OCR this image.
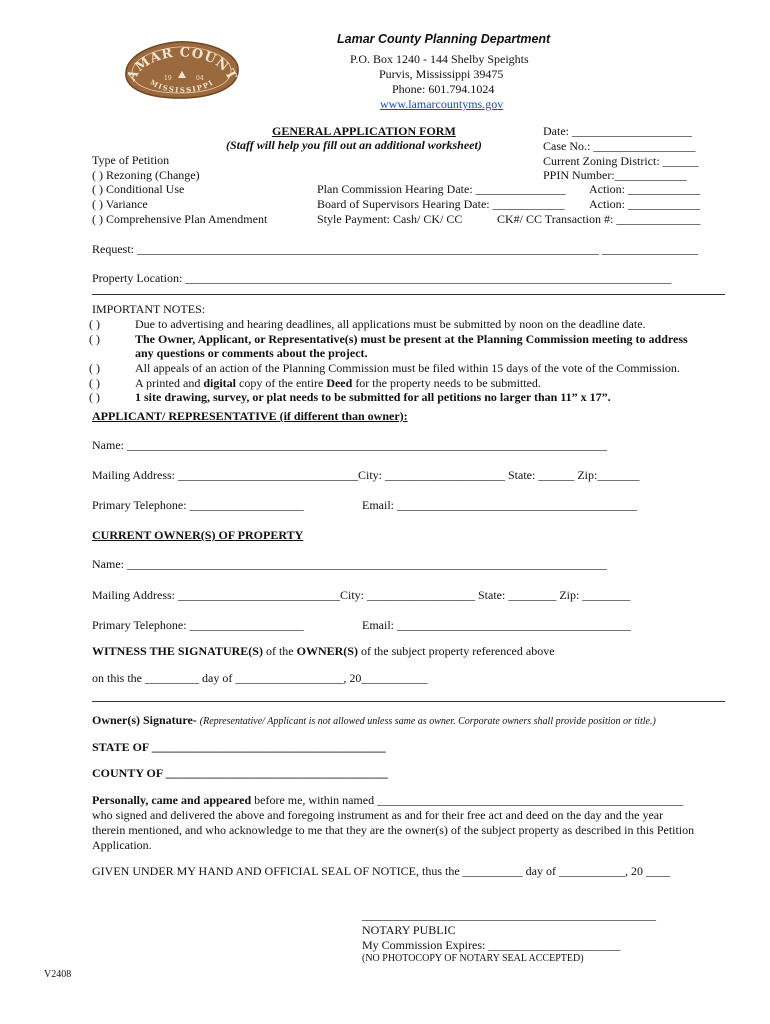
AMAR COUNT
19	04
MISSISSIPPI
Lamar County Planning Department
P.O. Box 1240 - 144 Shelby Speights
Purvis, Mississippi 39475
Phone: 601.794.1024
www.lamarcountyms.gov
GENERAL APPLICATION FORM
(Staff will help you fill out an additional worksheet)
Date: ____________________
Case No.: _________________
Current Zoning District: ______
PPIN Number:____________
Type of Petition
( ) Rezoning (Change)
( ) Conditional Use
( ) Variance
( ) Comprehensive Plan Amendment
Plan Commission Hearing Date: _______________ Action: ____________
Board of Supervisors Hearing Date: ____________ Action: ____________
Style Payment: Cash/ CK/ CC	CK#/ CC Transaction #: ______________
Request: _____________________________________________________________________________ ________________
Property Location: _________________________________________________________________________________
IMPORTANT NOTES:
( )	Due to advertising and hearing deadlines, all applications must be submitted by noon on the deadline date.
( )	The Owner, Applicant, or Representative(s) must be present at the Planning Commission meeting to address
any questions or comments about the project.
( )	All appeals of an action of the Planning Commission must be filed within 15 days of the vote of the Commission.
( )	A printed and digital copy of the entire Deed for the property needs to be submitted.
( )	1 site drawing, survey, or plat needs to be submitted for all petitions no larger than 11” x 17”.
APPLICANT/ REPRESENTATIVE (if different than owner):
Name: ________________________________________________________________________________
Mailing Address: ______________________________City: ____________________ State: ______ Zip:_______
Primary Telephone: ___________________	Email: ________________________________________
CURRENT OWNER(S) OF PROPERTY
Name: ________________________________________________________________________________
Mailing Address: ___________________________City: __________________ State: ________ Zip: ________
Primary Telephone: ___________________	Email: _______________________________________
WITNESS THE SIGNATURE(S) of the OWNER(S) of the subject property referenced above
on this the _________ day of __________________, 20___________
Owner(s) Signature- (Representative/ Applicant is not allowed unless same as owner. Corporate owners shall provide position or title.)
STATE OF _______________________________________
COUNTY OF _____________________________________
Personally, came and appeared before me, within named ___________________________________________________
who signed and delivered the above and foregoing instrument as and for their free act and deed on the day and the year
therein mentioned, and who acknowledge to me that they are the owner(s) of the subject property as described in this Petition
Application.
GIVEN UNDER MY HAND AND OFFICIAL SEAL OF NOTICE, thus the __________ day of ___________, 20 ____
_________________________________________________
NOTARY PUBLIC
My Commission Expires: ______________________
(NO PHOTOCOPY OF NOTARY SEAL ACCEPTED)
V2408
